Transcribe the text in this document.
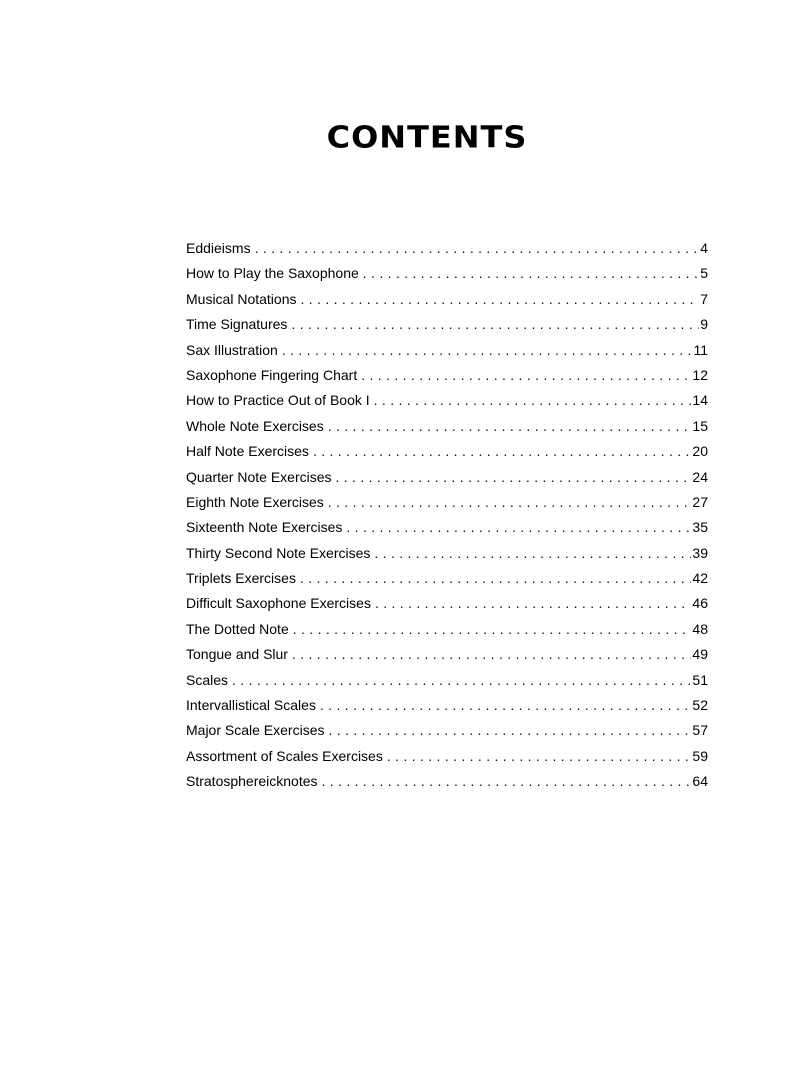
CONTENTS
Eddieisms . . .	4
How to Play the Saxophone . . .	5
Musical Notations . . .	7
Time Signatures . . .	9
Sax Illustration . . .	11
Saxophone Fingering Chart . . .	12
How to Practice Out of Book I . . .	14
Whole Note Exercises . . .	15
Half Note Exercises . . .	20
Quarter Note Exercises . . .	24
Eighth Note Exercises . . .	27
Sixteenth Note Exercises . . .	35
Thirty Second Note Exercises . . .	39
Triplets Exercises . . .	42
Difficult Saxophone Exercises . . .	46
The Dotted Note . . .	48
Tongue and Slur . . .	49
Scales . . .	51
Intervallistical Scales . . .	52
Major Scale Exercises . . .	57
Assortment of Scales Exercises . . .	59
Stratosphereicknotes . . .	64
